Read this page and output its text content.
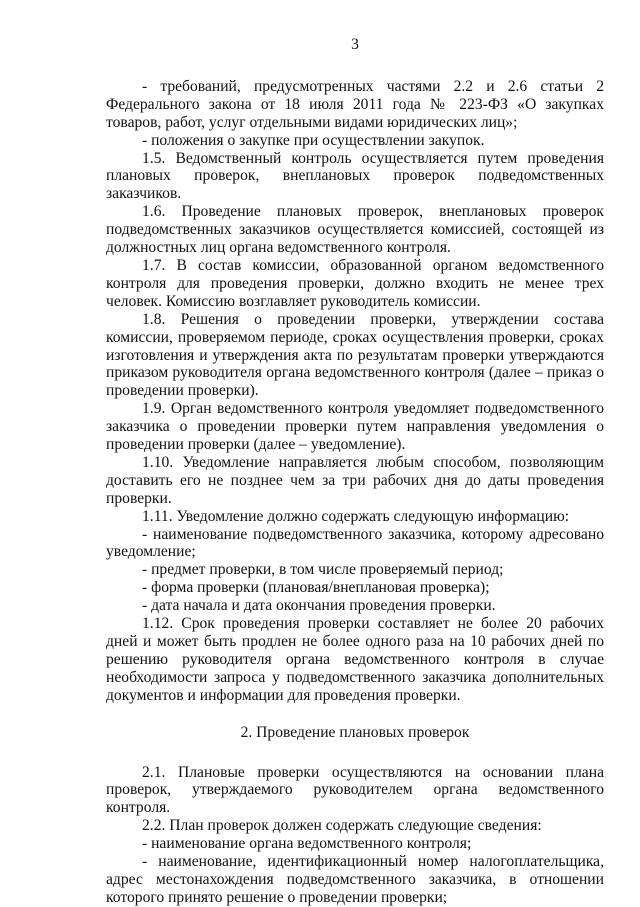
3

- требований, предусмотренных частями 2.2 и 2.6 статьи 2 Федерального закона от 18 июля 2011 года № 223-ФЗ «О закупках товаров, работ, услуг отдельными видами юридических лиц»;

- положения о закупке при осуществлении закупок.

1.5. Ведомственный контроль осуществляется путем проведения плановых проверок, внеплановых проверок подведомственных заказчиков.

1.6. Проведение плановых проверок, внеплановых проверок подведомственных заказчиков осуществляется комиссией, состоящей из должностных лиц органа ведомственного контроля.

1.7. В состав комиссии, образованной органом ведомственного контроля для проведения проверки, должно входить не менее трех человек. Комиссию возглавляет руководитель комиссии.

1.8. Решения о проведении проверки, утверждении состава комиссии, проверяемом периоде, сроках осуществления проверки, сроках изготовления и утверждения акта по результатам проверки утверждаются приказом руководителя органа ведомственного контроля (далее – приказ о проведении проверки).

1.9. Орган ведомственного контроля уведомляет подведомственного заказчика о проведении проверки путем направления уведомления о проведении проверки (далее – уведомление).

1.10. Уведомление направляется любым способом, позволяющим доставить его не позднее чем за три рабочих дня до даты проведения проверки.

1.11. Уведомление должно содержать следующую информацию:

- наименование подведомственного заказчика, которому адресовано уведомление;

- предмет проверки, в том числе проверяемый период;

- форма проверки (плановая/внеплановая проверка);

- дата начала и дата окончания проведения проверки.

1.12. Срок проведения проверки составляет не более 20 рабочих дней и может быть продлен не более одного раза на 10 рабочих дней по решению руководителя органа ведомственного контроля в случае необходимости запроса у подведомственного заказчика дополнительных документов и информации для проведения проверки.

2. Проведение плановых проверок

2.1. Плановые проверки осуществляются на основании плана проверок, утверждаемого руководителем органа ведомственного контроля.

2.2. План проверок должен содержать следующие сведения:

- наименование органа ведомственного контроля;

- наименование, идентификационный номер налогоплательщика, адрес местонахождения подведомственного заказчика, в отношении которого принято решение о проведении проверки;
